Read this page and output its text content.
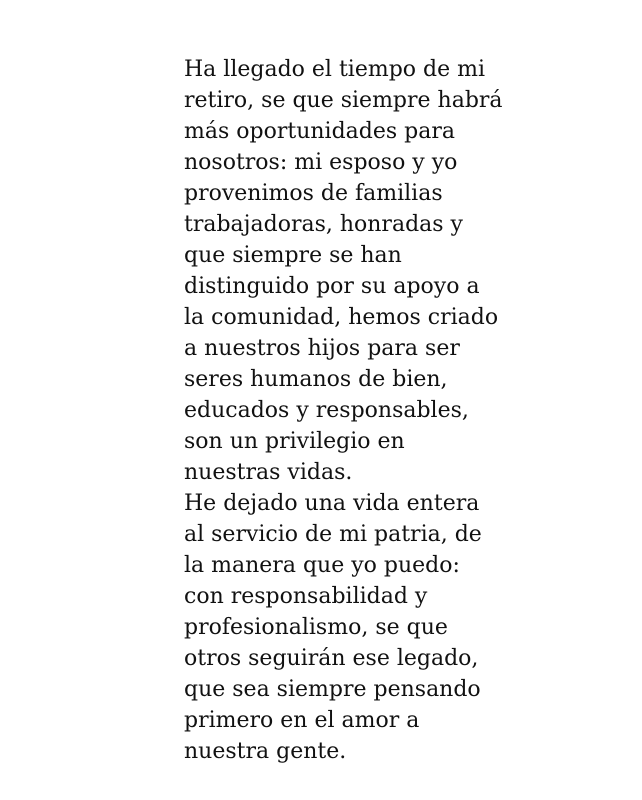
Ha llegado el tiempo de mi
retiro, se que siempre habrá
más oportunidades para
nosotros: mi esposo y yo
provenimos de familias
trabajadoras, honradas y
que siempre se han
distinguido por su apoyo a
la comunidad, hemos criado
a nuestros hijos para ser
seres humanos de bien,
educados y responsables,
son un privilegio en
nuestras vidas.
He dejado una vida entera
al servicio de mi patria, de
la manera que yo puedo:
con responsabilidad y
profesionalismo, se que
otros seguirán ese legado,
que sea siempre pensando
primero en el amor a
nuestra gente.
